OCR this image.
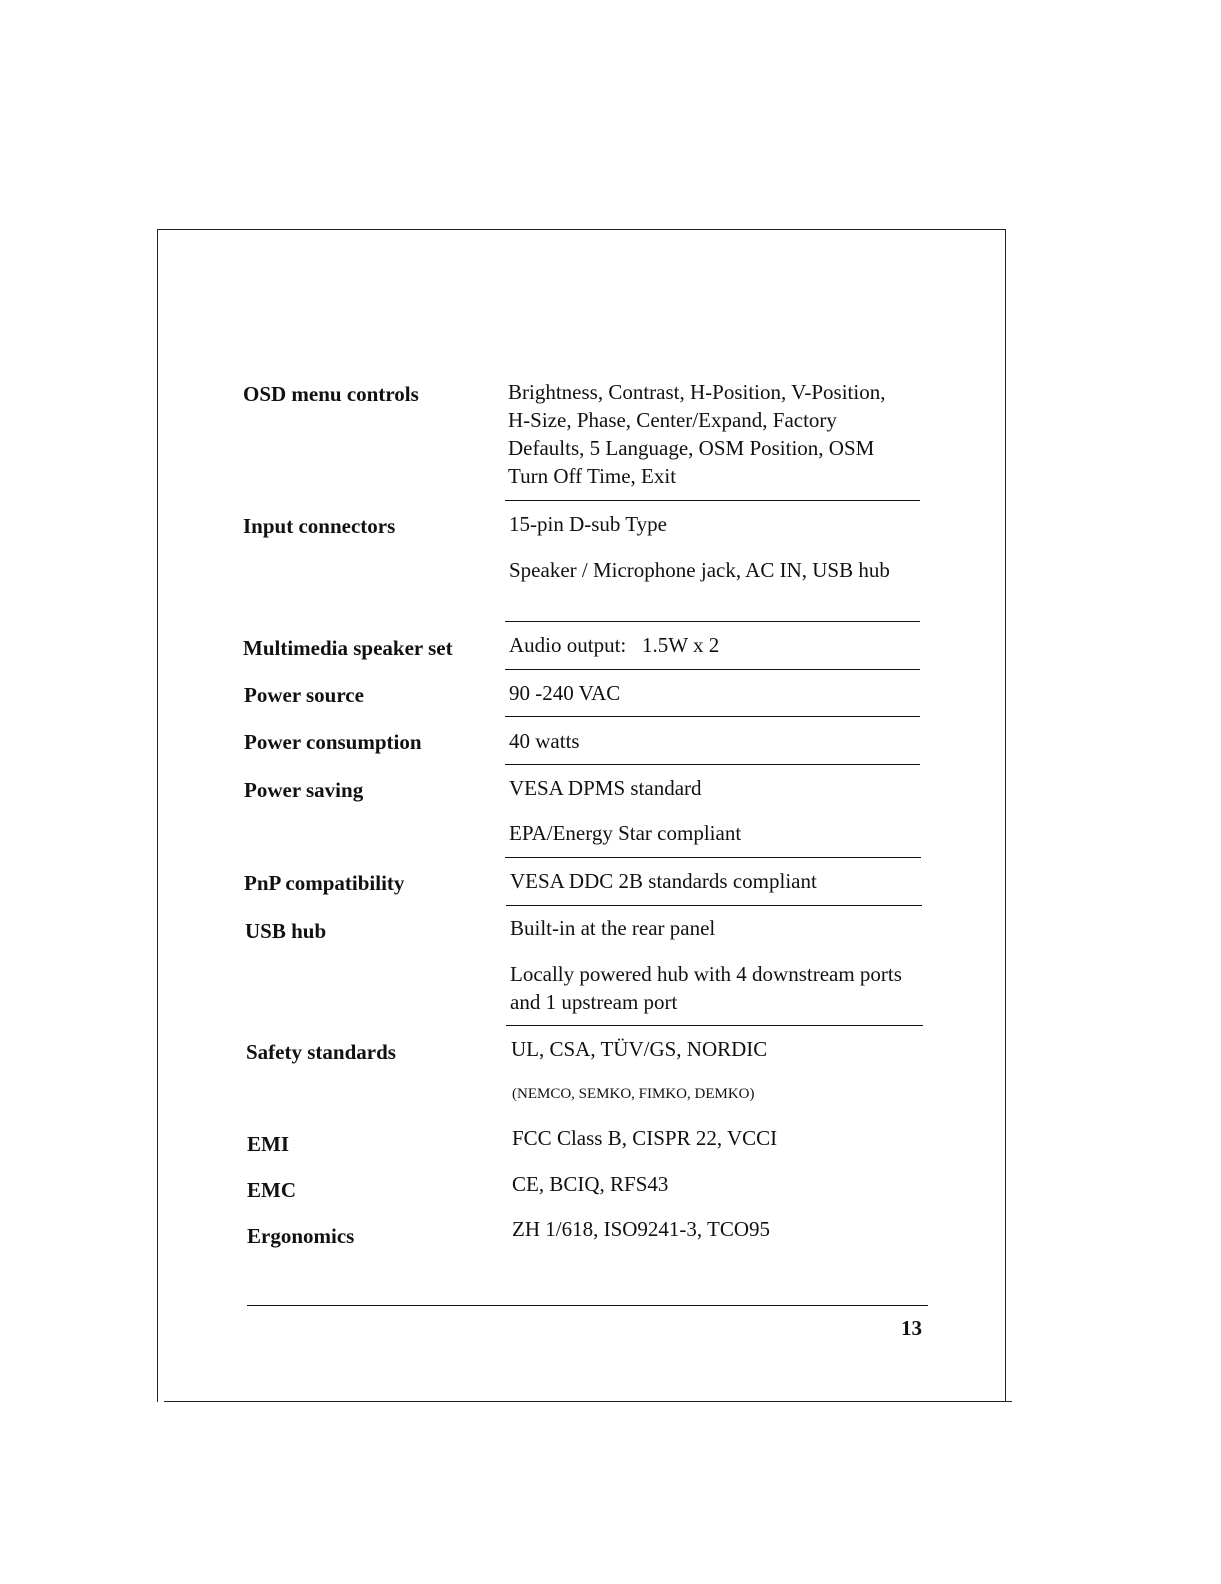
OSD menu controls	Brightness, Contrast, H-Position, V-Position, H-Size, Phase, Center/Expand, Factory Defaults, 5 Language, OSM Position, OSM Turn Off Time, Exit
Input connectors	15-pin D-sub Type
Speaker / Microphone jack, AC IN, USB hub
Multimedia speaker set	Audio output:   1.5W x 2
Power source	90 -240 VAC
Power consumption	40 watts
Power saving	VESA DPMS standard
EPA/Energy Star compliant
PnP compatibility	VESA DDC 2B standards compliant
USB hub	Built-in at the rear panel
Locally powered hub with 4 downstream ports and 1 upstream port
Safety standards	UL, CSA, TÜV/GS, NORDIC
(NEMCO, SEMKO, FIMKO, DEMKO)
EMI	FCC Class B, CISPR 22, VCCI
EMC	CE, BCIQ, RFS43
Ergonomics	ZH 1/618, ISO9241-3, TCO95
13
